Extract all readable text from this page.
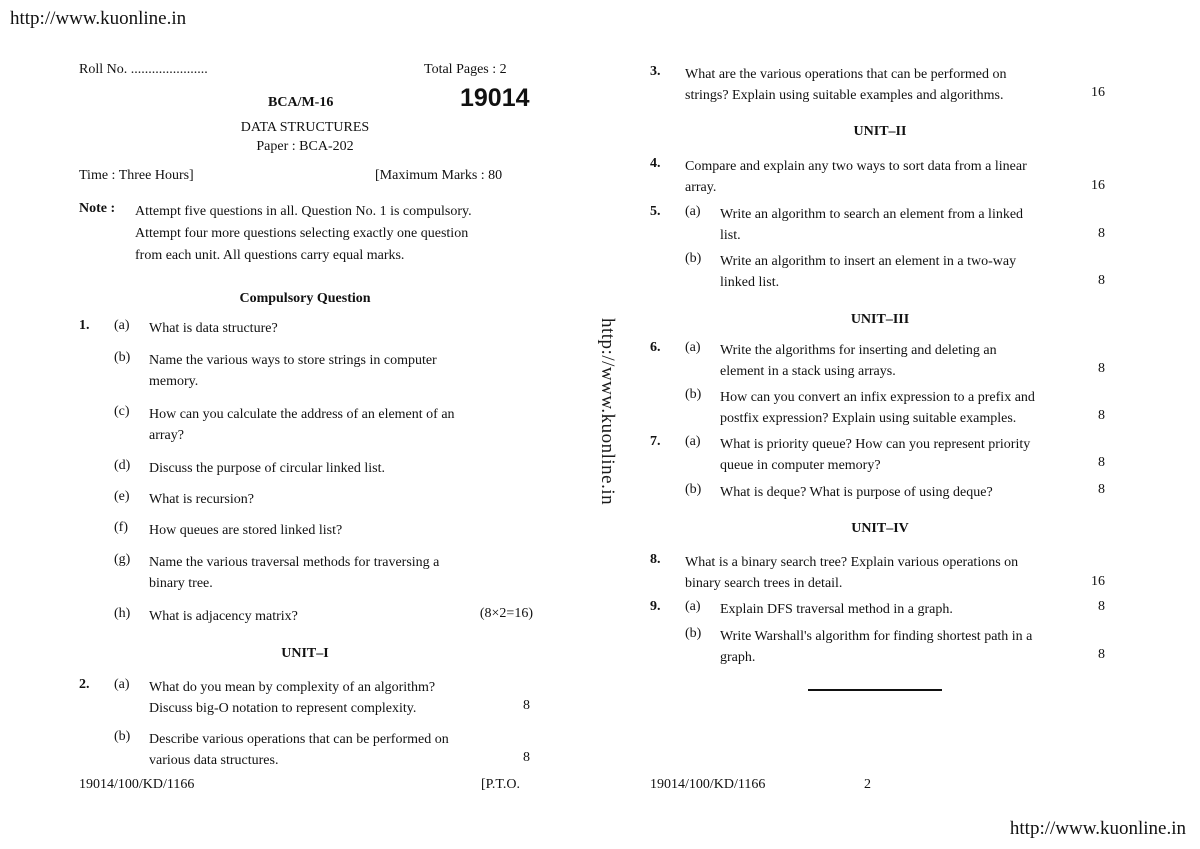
http://www.kuonline.in
http://www.kuonline.in
http://www.kuonline.in
Roll No. ......................	Total Pages : 2
BCA/M-16	19014
DATA STRUCTURES
Paper : BCA-202
Time : Three Hours]	[Maximum Marks : 80
Note : Attempt five questions in all. Question No. 1 is compulsory.
Attempt four more questions selecting exactly one question
from each unit. All questions carry equal marks.
Compulsory Question
1. (a) What is data structure?
(b) Name the various ways to store strings in computer
memory.
(c) How can you calculate the address of an element of an
array?
(d) Discuss the purpose of circular linked list.
(e) What is recursion?
(f) How queues are stored linked list?
(g) Name the various traversal methods for traversing a
binary tree.
(h) What is adjacency matrix?	(8×2=16)
UNIT–I
2. (a) What do you mean by complexity of an algorithm?
Discuss big-O notation to represent complexity.	8
(b) Describe various operations that can be performed on
various data structures.	8
19014/100/KD/1166	[P.T.O.
3. What are the various operations that can be performed on
strings? Explain using suitable examples and algorithms.	16
UNIT–II
4. Compare and explain any two ways to sort data from a linear
array.	16
5. (a) Write an algorithm to search an element from a linked
list.	8
(b) Write an algorithm to insert an element in a two-way
linked list.	8
UNIT–III
6. (a) Write the algorithms for inserting and deleting an
element in a stack using arrays.	8
(b) How can you convert an infix expression to a prefix and
postfix expression? Explain using suitable examples.	8
7. (a) What is priority queue? How can you represent priority
queue in computer memory?	8
(b) What is deque? What is purpose of using deque?	8
UNIT–IV
8. What is a binary search tree? Explain various operations on
binary search trees in detail.	16
9. (a) Explain DFS traversal method in a graph.	8
(b) Write Warshall's algorithm for finding shortest path in a
graph.	8
19014/100/KD/1166	2
